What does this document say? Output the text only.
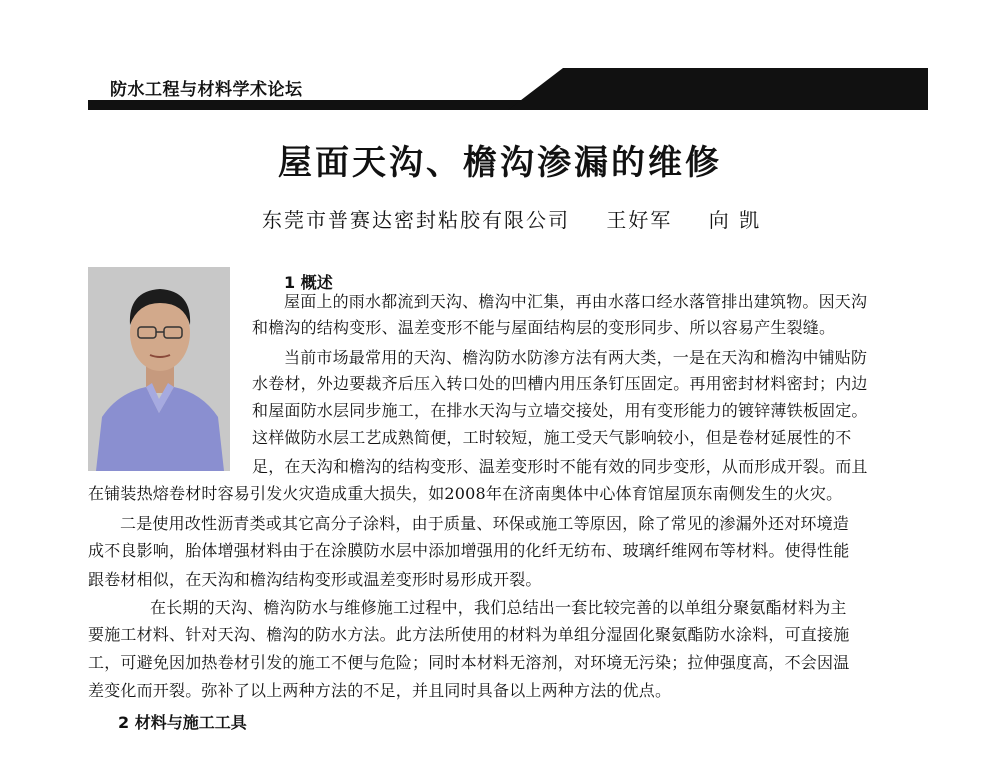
防水工程与材料学术论坛
屋面天沟、檐沟渗漏的维修
东莞市普赛达密封粘胶有限公司 王好军 向 凯
1 概述
屋面上的雨水都流到天沟、檐沟中汇集，再由水落口经水落管排出建筑物。因天沟
和檐沟的结构变形、温差变形不能与屋面结构层的变形同步、所以容易产生裂缝。
当前市场最常用的天沟、檐沟防水防渗方法有两大类，一是在天沟和檐沟中铺贴防
水卷材，外边要裁齐后压入转口处的凹槽内用压条钉压固定。再用密封材料密封；内边
和屋面防水层同步施工，在排水天沟与立墙交接处，用有变形能力的镀锌薄铁板固定。
这样做防水层工艺成熟简便，工时较短，施工受天气影响较小，但是卷材延展性的不
足，在天沟和檐沟的结构变形、温差变形时不能有效的同步变形，从而形成开裂。而且
在铺装热熔卷材时容易引发火灾造成重大损失，如2008年在济南奥体中心体育馆屋顶东南侧发生的火灾。
二是使用改性沥青类或其它高分子涂料，由于质量、环保或施工等原因，除了常见的渗漏外还对环境造
成不良影响，胎体增强材料由于在涂膜防水层中添加增强用的化纤无纺布、玻璃纤维网布等材料。使得性能
跟卷材相似，在天沟和檐沟结构变形或温差变形时易形成开裂。
在长期的天沟、檐沟防水与维修施工过程中，我们总结出一套比较完善的以单组分聚氨酯材料为主
要施工材料、针对天沟、檐沟的防水方法。此方法所使用的材料为单组分湿固化聚氨酯防水涂料，可直接施
工，可避免因加热卷材引发的施工不便与危险；同时本材料无溶剂，对环境无污染；拉伸强度高，不会因温
差变化而开裂。弥补了以上两种方法的不足，并且同时具备以上两种方法的优点。
2 材料与施工工具
